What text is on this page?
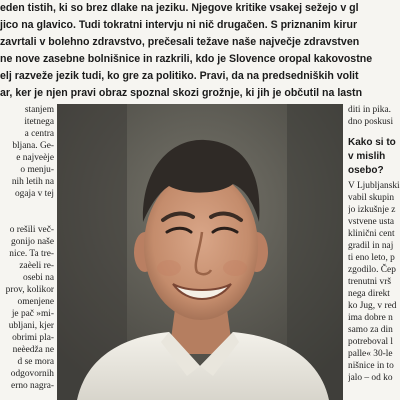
eden tistih, ki so brez dlake na jeziku. Njegove kritike vsakej sežejo v gl
jico na glavico. Tudi tokratni intervju ni nič drugačen. S priznanim kirur
zavrtali v bolehno zdravstvo, prečesali težave naše največje zdravstven
ne nove zasebne bolnišnice in razkrili, kdo je Slovence oropal kakovostne
elj razveže jezik tudi, ko gre za politiko. Pravi, da na predsedniških volit
ar, ker je njen pravi obraz spoznal skozi grožnje, ki jih je občutil na lastn
stanjem
itetnega
a centra
bljana. Ge-
e najveèje
o menju-
nih letih na
ogaja v tej
o rešili več-
gonijo naše
nice. Ta tre-
zaèeli re-
osebi na
prov, kolikor
omenjene
je pač »mi-
ubljani, kjer
obrimi pla-
neèedža ne
d se mora
odgovornih
erno nagra-
diti in pika.
dno poskusi
Kako si to
v mislih
osebo?
V Ljubljanski
vabil skupin
jo izkušnje z
vstvene usta
klinični cent
gradil in naj
ti eno leto, p
zgodilo. Čep
trenutni vrš
nega direkt
ko Jug, v red
ima dobre n
samo za din
potreboval l
palle« 30-le
nišnice in to
jalo – od ko
